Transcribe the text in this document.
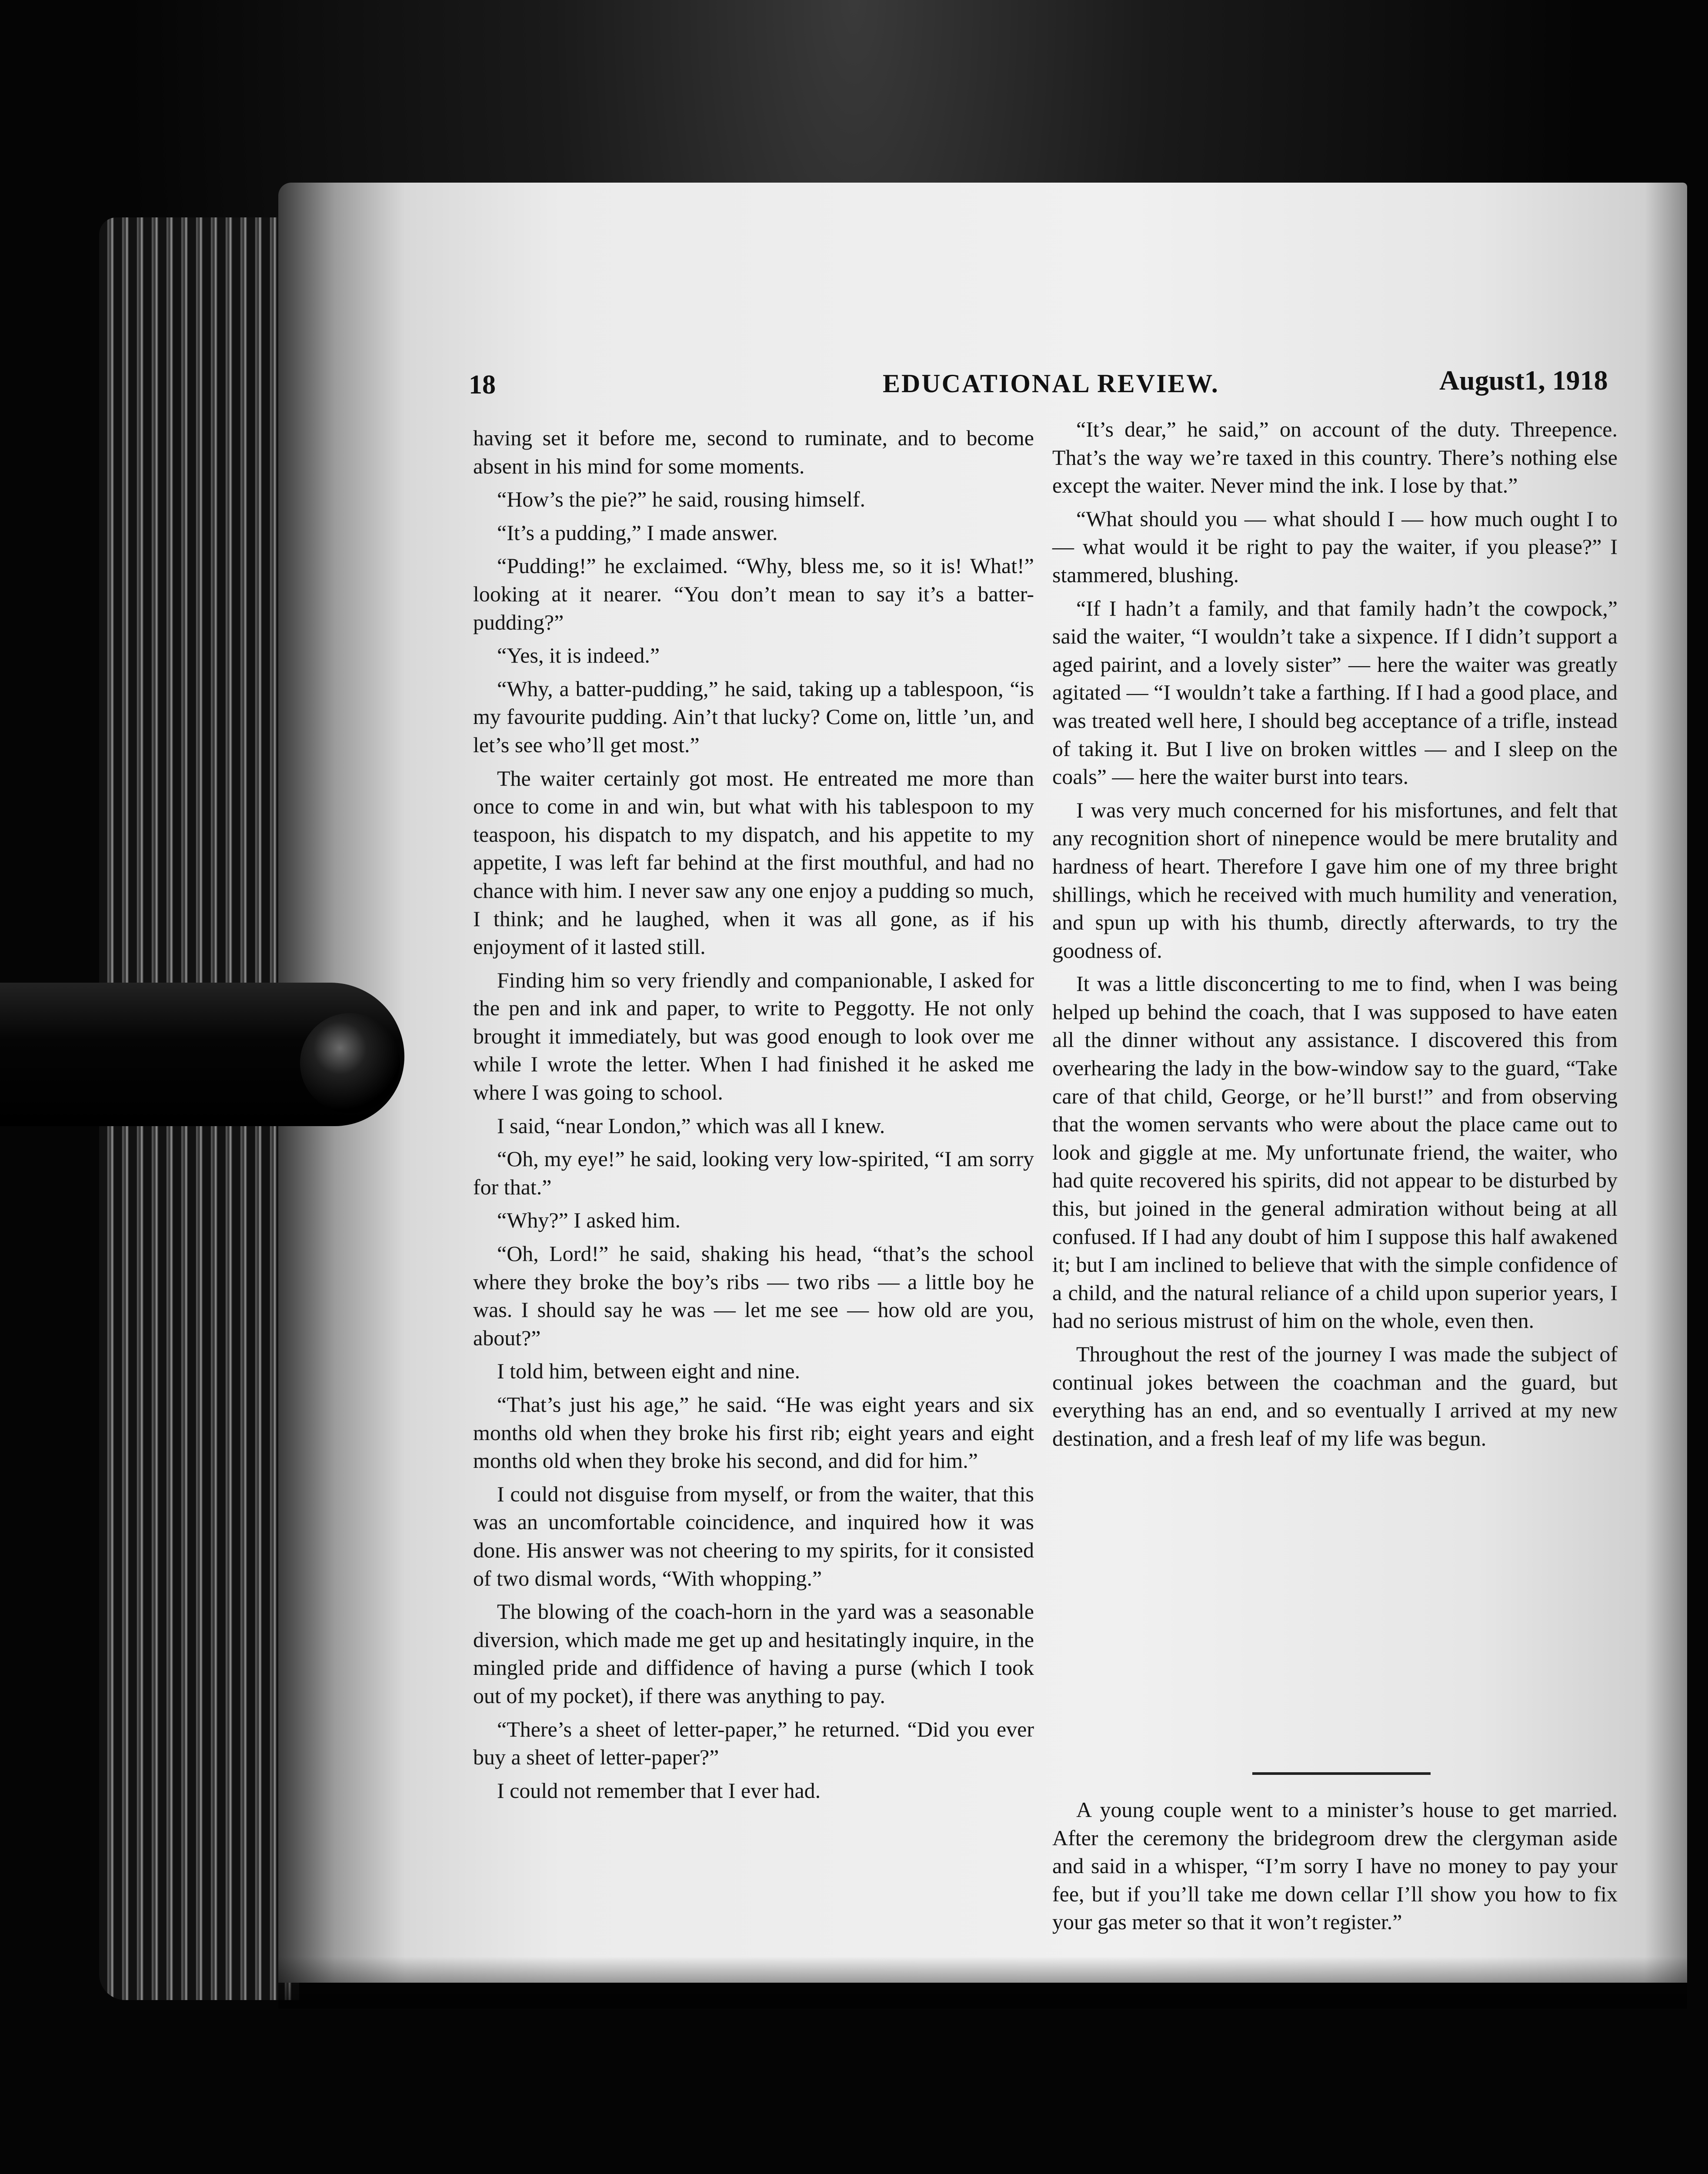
18	EDUCATIONAL REVIEW.	August1, 1918

having set it before me, second to ruminate, and to become absent in his mind for some moments.

“How’s the pie?” he said, rousing himself.

“It’s a pudding,” I made answer.

“Pudding!” he exclaimed. “Why, bless me, so it is! What!” looking at it nearer. “You don’t mean to say it’s a batter-pudding?”

“Yes, it is indeed.”

“Why, a batter-pudding,” he said, taking up a tablespoon, “is my favourite pudding. Ain’t that lucky? Come on, little ’un, and let’s see who’ll get most.”

The waiter certainly got most. He entreated me more than once to come in and win, but what with his tablespoon to my teaspoon, his dispatch to my dispatch, and his appetite to my appetite, I was left far behind at the first mouthful, and had no chance with him. I never saw any one enjoy a pudding so much, I think; and he laughed, when it was all gone, as if his enjoyment of it lasted still.

Finding him so very friendly and companionable, I asked for the pen and ink and paper, to write to Peggotty. He not only brought it immediately, but was good enough to look over me while I wrote the letter. When I had finished it he asked me where I was going to school.

I said, “near London,” which was all I knew.

“Oh, my eye!” he said, looking very low-spirited, “I am sorry for that.”

“Why?” I asked him.

“Oh, Lord!” he said, shaking his head, “that’s the school where they broke the boy’s ribs — two ribs — a little boy he was. I should say he was — let me see — how old are you, about?”

I told him, between eight and nine.

“That’s just his age,” he said. “He was eight years and six months old when they broke his first rib; eight years and eight months old when they broke his second, and did for him.”

I could not disguise from myself, or from the waiter, that this was an uncomfortable coincidence, and inquired how it was done. His answer was not cheering to my spirits, for it consisted of two dismal words, “With whopping.”

The blowing of the coach-horn in the yard was a seasonable diversion, which made me get up and hesitatingly inquire, in the mingled pride and diffidence of having a purse (which I took out of my pocket), if there was anything to pay.

“There’s a sheet of letter-paper,” he returned. “Did you ever buy a sheet of letter-paper?”

I could not remember that I ever had.

“It’s dear,” he said,” on account of the duty. Threepence. That’s the way we’re taxed in this country. There’s nothing else except the waiter. Never mind the ink. I lose by that.”

“What should you — what should I — how much ought I to — what would it be right to pay the waiter, if you please?” I stammered, blushing.

“If I hadn’t a family, and that family hadn’t the cowpock,” said the waiter, “I wouldn’t take a sixpence. If I didn’t support a aged pairint, and a lovely sister” — here the waiter was greatly agitated — “I wouldn’t take a farthing. If I had a good place, and was treated well here, I should beg acceptance of a trifle, instead of taking it. But I live on broken wittles — and I sleep on the coals” — here the waiter burst into tears.

I was very much concerned for his misfortunes, and felt that any recognition short of ninepence would be mere brutality and hardness of heart. Therefore I gave him one of my three bright shillings, which he received with much humility and veneration, and spun up with his thumb, directly afterwards, to try the goodness of.

It was a little disconcerting to me to find, when I was being helped up behind the coach, that I was supposed to have eaten all the dinner without any assistance. I discovered this from overhearing the lady in the bow-window say to the guard, “Take care of that child, George, or he’ll burst!” and from observing that the women servants who were about the place came out to look and giggle at me. My unfortunate friend, the waiter, who had quite recovered his spirits, did not appear to be disturbed by this, but joined in the general admiration without being at all confused. If I had any doubt of him I suppose this half awakened it; but I am inclined to believe that with the simple confidence of a child, and the natural reliance of a child upon superior years, I had no serious mistrust of him on the whole, even then.

Throughout the rest of the journey I was made the subject of continual jokes between the coachman and the guard, but everything has an end, and so eventually I arrived at my new destination, and a fresh leaf of my life was begun.

A young couple went to a minister’s house to get married. After the ceremony the bridegroom drew the clergyman aside and said in a whisper, “I’m sorry I have no money to pay your fee, but if you’ll take me down cellar I’ll show you how to fix your gas meter so that it won’t register.”
